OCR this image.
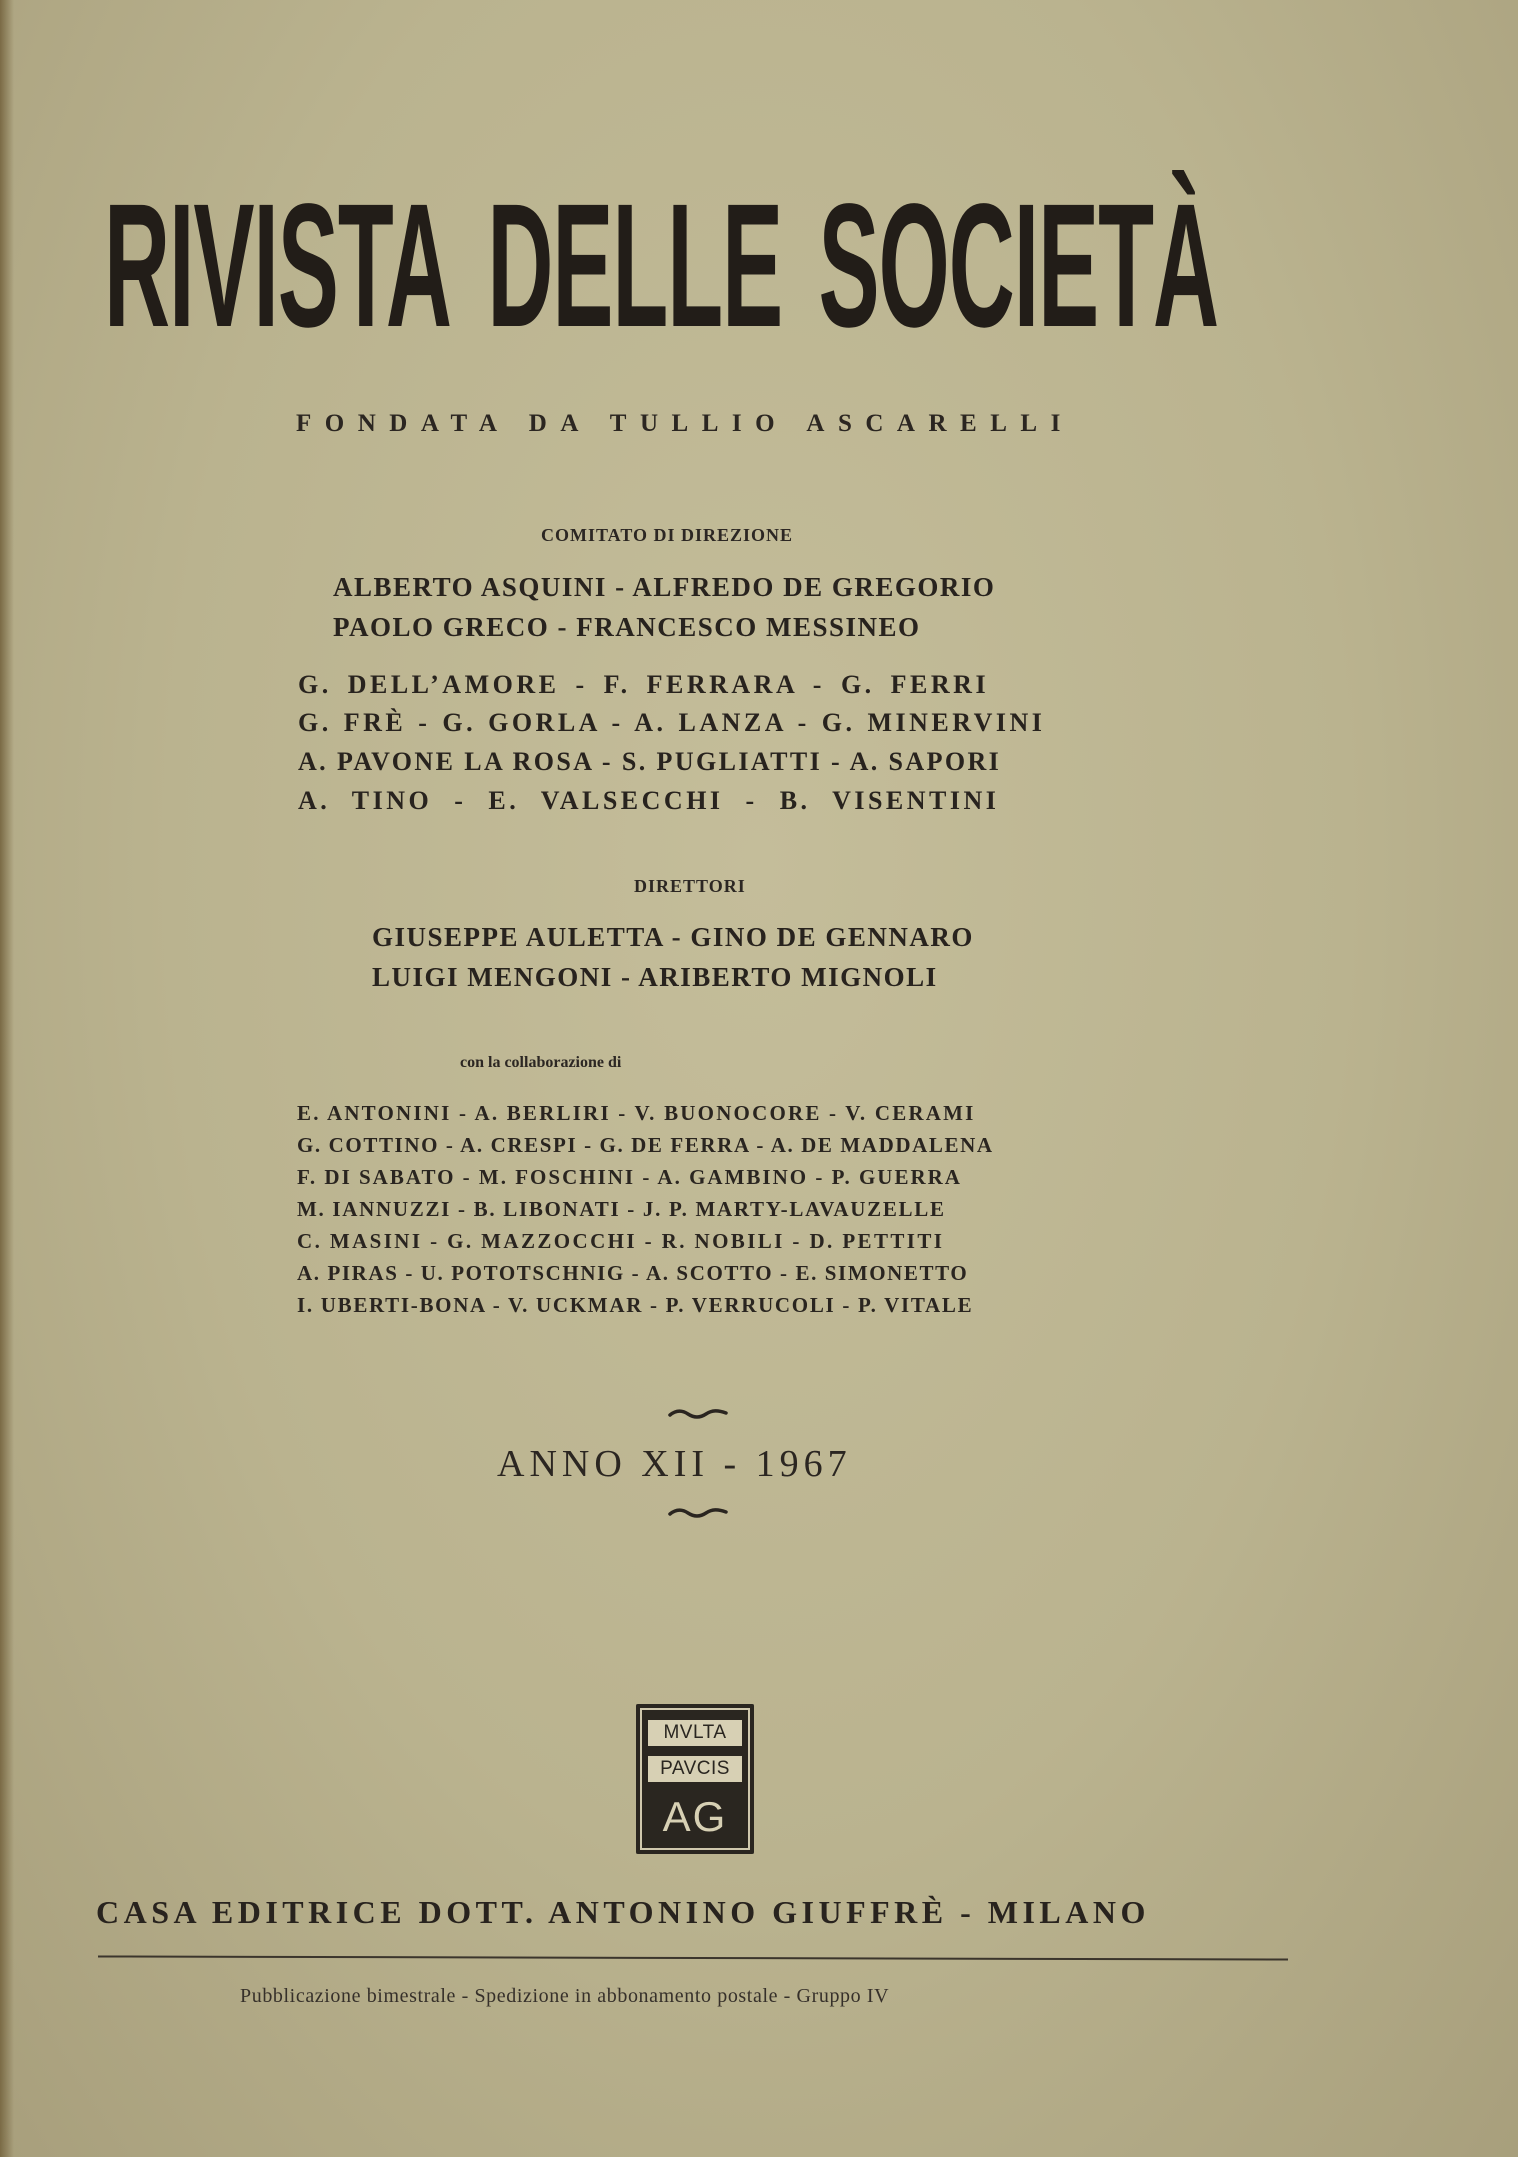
RIVISTA DELLE SOCIETÀ
FONDATA DA TULLIO ASCARELLI
COMITATO DI DIREZIONE
ALBERTO ASQUINI - ALFREDO DE GREGORIO
PAOLO GRECO - FRANCESCO MESSINEO
G. DELL’AMORE - F. FERRARA - G. FERRI
G. FRÈ - G. GORLA - A. LANZA - G. MINERVINI
A. PAVONE LA ROSA - S. PUGLIATTI - A. SAPORI
A. TINO - E. VALSECCHI - B. VISENTINI
DIRETTORI
GIUSEPPE AULETTA - GINO DE GENNARO
LUIGI MENGONI - ARIBERTO MIGNOLI
con la collaborazione di
E. ANTONINI - A. BERLIRI - V. BUONOCORE - V. CERAMI
G. COTTINO - A. CRESPI - G. DE FERRA - A. DE MADDALENA
F. DI SABATO - M. FOSCHINI - A. GAMBINO - P. GUERRA
M. IANNUZZI - B. LIBONATI - J. P. MARTY-LAVAUZELLE
C. MASINI - G. MAZZOCCHI - R. NOBILI - D. PETTITI
A. PIRAS - U. POTOTSCHNIG - A. SCOTTO - E. SIMONETTO
I. UBERTI-BONA - V. UCKMAR - P. VERRUCOLI - P. VITALE
ANNO XII - 1967
MVLTA
PAVCIS
AG
CASA EDITRICE DOTT. ANTONINO GIUFFRÈ - MILANO
Pubblicazione bimestrale - Spedizione in abbonamento postale - Gruppo IV
